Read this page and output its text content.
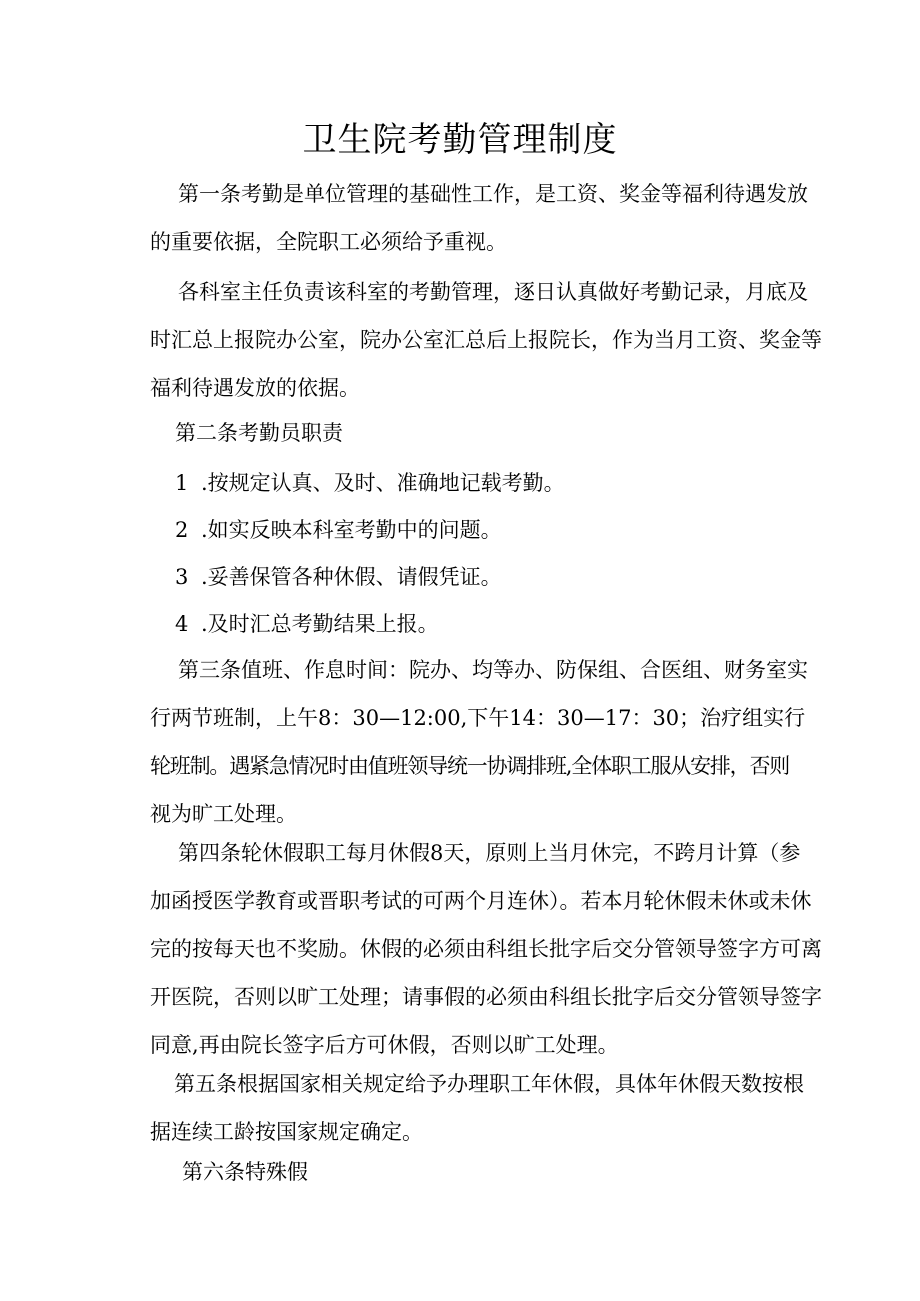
卫生院考勤管理制度
第一条考勤是单位管理的基础性工作，是工资、奖金等福利待遇发放
的重要依据，全院职工必须给予重视。
各科室主任负责该科室的考勤管理，逐日认真做好考勤记录，月底及
时汇总上报院办公室，院办公室汇总后上报院长，作为当月工资、奖金等
福利待遇发放的依据。
第二条考勤员职责
1 .按规定认真、及时、准确地记载考勤。
2 .如实反映本科室考勤中的问题。
3 .妥善保管各种休假、请假凭证。
4 .及时汇总考勤结果上报。
第三条值班、作息时间：院办、均等办、防保组、合医组、财务室实
行两节班制，上午8：30—12:00,下午14：30—17：30；治疗组实行
轮班制。遇紧急情况时由值班领导统一协调排班,全体职工服从安排，否则
视为旷工处理。
第四条轮休假职工每月休假8天，原则上当月休完，不跨月计算（参
加函授医学教育或晋职考试的可两个月连休）。若本月轮休假未休或未休
完的按每天也不奖励。休假的必须由科组长批字后交分管领导签字方可离
开医院，否则以旷工处理；请事假的必须由科组长批字后交分管领导签字
同意,再由院长签字后方可休假，否则以旷工处理。
第五条根据国家相关规定给予办理职工年休假，具体年休假天数按根
据连续工龄按国家规定确定。
第六条特殊假
